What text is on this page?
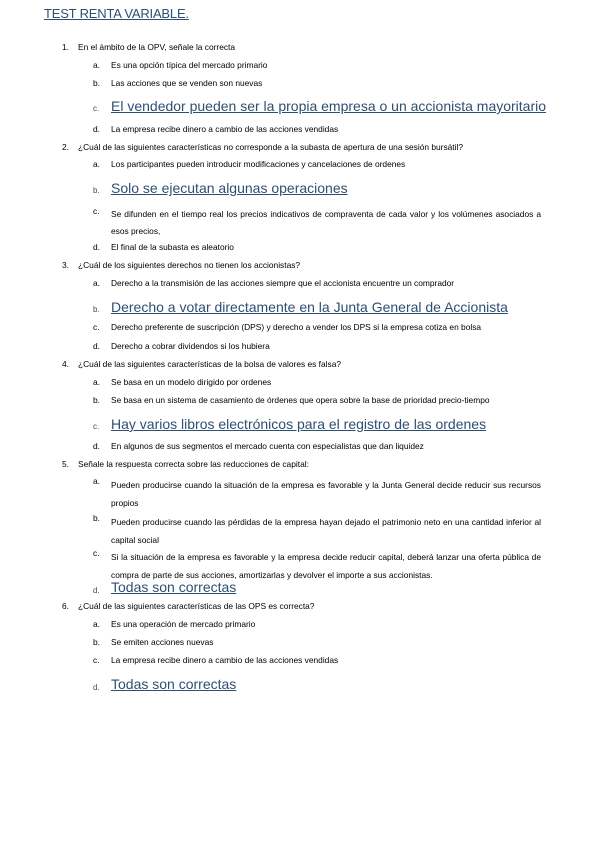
TEST RENTA VARIABLE.
1. En el ámbito de la OPV, señale la correcta
a. Es una opción típica del mercado primario
b. Las acciones que se venden son nuevas
c. El vendedor pueden ser la propia empresa o un accionista mayoritario
d. La empresa recibe dinero a cambio de las acciones vendidas
2. ¿Cuál de las siguientes características no corresponde a la subasta de apertura de una sesión bursátil?
a. Los participantes pueden introducir modificaciones y cancelaciones de ordenes
b. Solo se ejecutan algunas operaciones
c. Se difunden en el tiempo real los precios indicativos de compraventa de cada valor y los volúmenes asociados a esos precios,
d. El final de la subasta es aleatorio
3. ¿Cuál de los siguientes derechos no tienen los accionistas?
a. Derecho a la transmisión de las acciones siempre que el accionista encuentre un comprador
b. Derecho a votar directamente en la Junta General de Accionista
c. Derecho preferente de suscripción (DPS) y derecho a vender los DPS si la empresa cotiza en bolsa
d. Derecho a cobrar dividendos si los hubiera
4. ¿Cuál de las siguientes características de la bolsa de valores es falsa?
a. Se basa en un modelo dirigido por ordenes
b. Se basa en un sistema de casamiento de órdenes que opera sobre la base de prioridad precio-tiempo
c. Hay varios libros electrónicos para el registro de las ordenes
d. En algunos de sus segmentos el mercado cuenta con especialistas que dan liquidez
5. Señale la respuesta correcta sobre las reducciones de capital:
a. Pueden producirse cuando la situación de la empresa es favorable y la Junta General decide reducir sus recursos propios
b. Pueden producirse cuando las pérdidas de la empresa hayan dejado el patrimonio neto en una cantidad inferior al capital social
c. Si la situación de la empresa es favorable y la empresa decide reducir capital, deberá lanzar una oferta pública de compra de parte de sus acciones, amortizarlas y devolver el importe a sus accionistas.
d. Todas son correctas
6. ¿Cuál de las siguientes características de las OPS es correcta?
a. Es una operación de mercado primario
b. Se emiten acciones nuevas
c. La empresa recibe dinero a cambio de las acciones vendidas
d. Todas son correctas
